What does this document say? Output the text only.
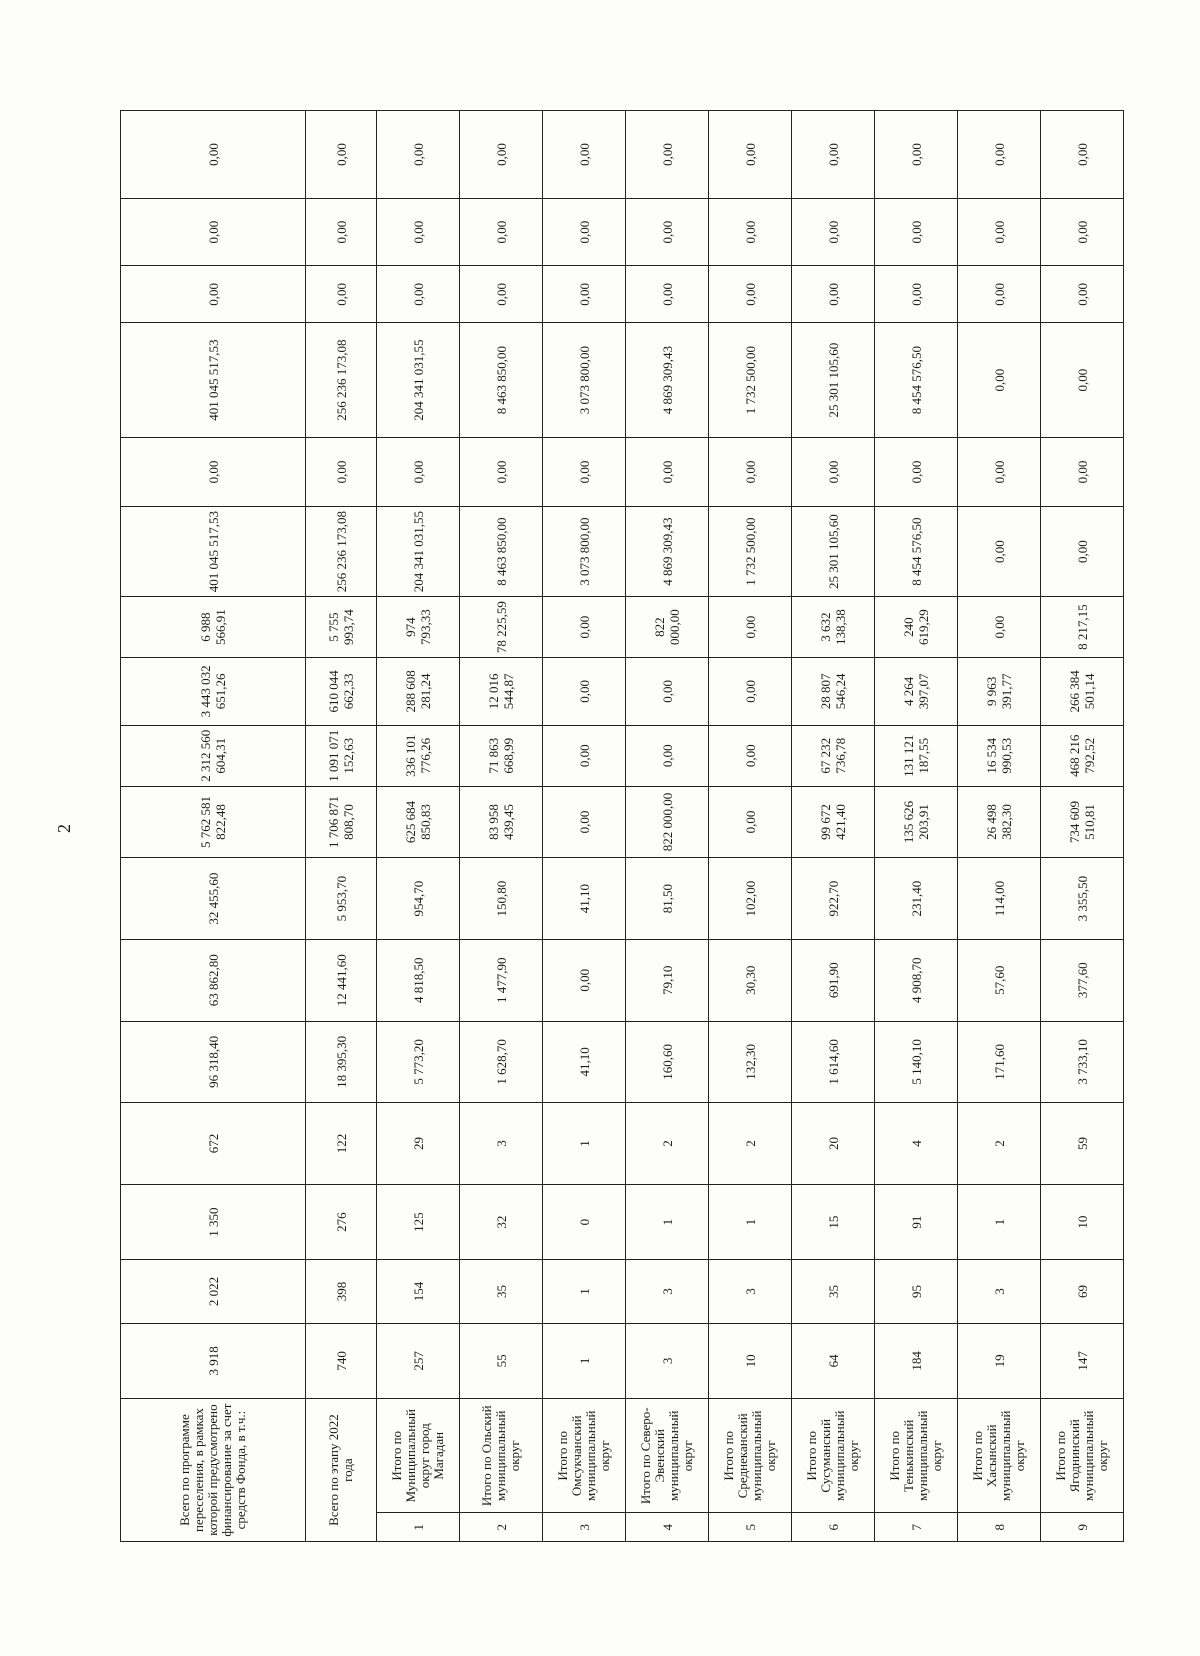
2
Всего по программе переселения, в рамках которой предусмотрено финансирование за счет средств Фонда, в т.ч.:		3 918	2 022	1 350	672	96 318,40	63 862,80	32 455,60	5 762 581 822,48	2 312 560 604,31	3 443 032 651,26	6 988 566,91	401 045 517,53	0,00	401 045 517,53	0,00	0,00	0,00
Всего по этапу 2022 года		740	398	276	122	18 395,30	12 441,60	5 953,70	1 706 871 808,70	1 091 071 152,63	610 044 662,33	5 755 993,74	256 236 173,08	0,00	256 236 173,08	0,00	0,00	0,00
1	Итого по Муниципальный округ город Магадан	257	154	125	29	5 773,20	4 818,50	954,70	625 684 850,83	336 101 776,26	288 608 281,24	974 793,33	204 341 031,55	0,00	204 341 031,55	0,00	0,00	0,00
2	Итого по Ольский муниципальный округ	55	35	32	3	1 628,70	1 477,90	150,80	83 958 439,45	71 863 668,99	12 016 544,87	78 225,59	8 463 850,00	0,00	8 463 850,00	0,00	0,00	0,00
3	Итого по Омсукчанский муниципальный округ	1	1	0	1	41,10	0,00	41,10	0,00	0,00	0,00	0,00	3 073 800,00	0,00	3 073 800,00	0,00	0,00	0,00
4	Итого по Северо-Эвенский муниципальный округ	3	3	1	2	160,60	79,10	81,50	822 000,00	0,00	0,00	822 000,00	4 869 309,43	0,00	4 869 309,43	0,00	0,00	0,00
5	Итого по Среднеканский муниципальный округ	10	3	1	2	132,30	30,30	102,00	0,00	0,00	0,00	0,00	1 732 500,00	0,00	1 732 500,00	0,00	0,00	0,00
6	Итого по Сусуманский муниципальный округ	64	35	15	20	1 614,60	691,90	922,70	99 672 421,40	67 232 736,78	28 807 546,24	3 632 138,38	25 301 105,60	0,00	25 301 105,60	0,00	0,00	0,00
7	Итого по Тенькинский муниципальный округ	184	95	91	4	5 140,10	4 908,70	231,40	135 626 203,91	131 121 187,55	4 264 397,07	240 619,29	8 454 576,50	0,00	8 454 576,50	0,00	0,00	0,00
8	Итого по Хасынский муниципальный округ	19	3	1	2	171,60	57,60	114,00	26 498 382,30	16 534 990,53	9 963 391,77	0,00	0,00	0,00	0,00	0,00	0,00	0,00
9	Итого по Ягоднинский муниципальный округ	147	69	10	59	3 733,10	377,60	3 355,50	734 609 510,81	468 216 792,52	266 384 501,14	8 217,15	0,00	0,00	0,00	0,00	0,00	0,00
